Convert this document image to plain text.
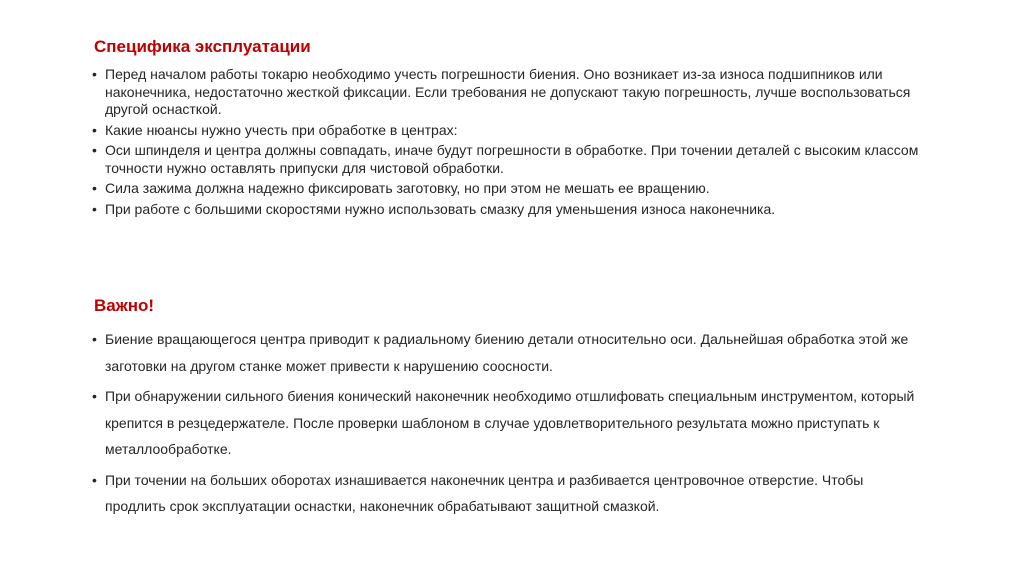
Специфика эксплуатации
• Перед началом работы токарю необходимо учесть погрешности биения. Оно возникает из-за износа подшипников или наконечника, недостаточно жесткой фиксации. Если требования не допускают такую погрешность, лучше воспользоваться другой оснасткой.
• Какие нюансы нужно учесть при обработке в центрах:
• Оси шпинделя и центра должны совпадать, иначе будут погрешности в обработке. При точении деталей с высоким классом точности нужно оставлять припуски для чистовой обработки.
• Сила зажима должна надежно фиксировать заготовку, но при этом не мешать ее вращению.
• При работе с большими скоростями нужно использовать смазку для уменьшения износа наконечника.
Важно!
• Биение вращающегося центра приводит к радиальному биению детали относительно оси. Дальнейшая обработка этой же заготовки на другом станке может привести к нарушению соосности.
• При обнаружении сильного биения конический наконечник необходимо отшлифовать специальным инструментом, который крепится в резцедержателе. После проверки шаблоном в случае удовлетворительного результата можно приступать к металлообработке.
• При точении на больших оборотах изнашивается наконечник центра и разбивается центровочное отверстие. Чтобы продлить срок эксплуатации оснастки, наконечник обрабатывают защитной смазкой.
